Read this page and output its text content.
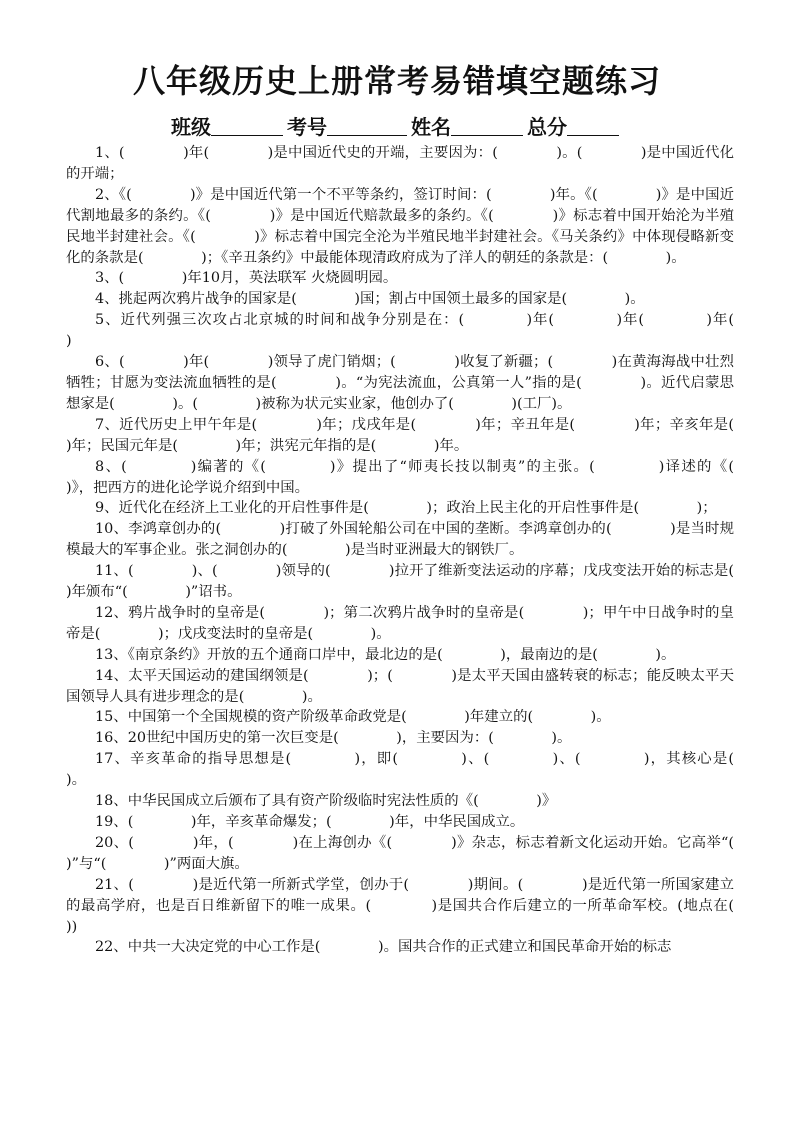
八年级历史上册常考易错填空题练习
班级	考号	姓名	总分

1、(　　　　)年(　　　　)是中国近代史的开端，主要因为：(　　　　)。(　　　　)是中国近代化的开端；

2、《(　　　　)》是中国近代第一个不平等条约，签订时间：(　　　　)年。《(　　　　)》是中国近代割地最多的条约。《(　　　　)》是中国近代赔款最多的条约。《(　　　　)》标志着中国开始沦为半殖民地半封建社会。《(　　　　)》标志着中国完全沦为半殖民地半封建社会。《马关条约》中体现侵略新变化的条款是(　　　　)；《辛丑条约》中最能体现清政府成为了洋人的朝廷的条款是：(　　　　)。

3、(　　　　)年10月，英法联军 火烧圆明园。

4、挑起两次鸦片战争的国家是(　　　　)国；割占中国领土最多的国家是(　　　　)。

5、近代列强三次攻占北京城的时间和战争分别是在：(　　　　)年(　　　　)年(　　　　)年(　　　　)

6、(　　　　)年(　　　　)领导了虎门销烟；(　　　　)收复了新疆；(　　　　)在黄海海战中壮烈牺牲；甘愿为变法流血牺牲的是(　　　　)。“为宪法流血，公真第一人”指的是(　　　　)。近代启蒙思想家是(　　　　)。(　　　　)被称为状元实业家，他创办了(　　　　)(工厂)。

7、近代历史上甲午年是(　　　　)年；戊戌年是(　　　　)年；辛丑年是(　　　　)年；辛亥年是(　　　　)年；民国元年是(　　　　)年；洪宪元年指的是(　　　　)年。

8、(　　　　)编著的《(　　　　)》提出了“师夷长技以制夷”的主张。(　　　　)译述的《(　　　　)》，把西方的进化论学说介绍到中国。

9、近代化在经济上工业化的开启性事件是(　　　　)；政治上民主化的开启性事件是(　　　　)；

10、李鸿章创办的(　　　　)打破了外国轮船公司在中国的垄断。李鸿章创办的(　　　　)是当时规模最大的军事企业。张之洞创办的(　　　　)是当时亚洲最大的钢铁厂。

11、(　　　　)、(　　　　)领导的(　　　　)拉开了维新变法运动的序幕；戊戌变法开始的标志是(　　　　)年颁布“(　　　　)”诏书。

12、鸦片战争时的皇帝是(　　　　)；第二次鸦片战争时的皇帝是(　　　　)；甲午中日战争时的皇帝是(　　　　)；戊戌变法时的皇帝是(　　　　)。

13、《南京条约》开放的五个通商口岸中，最北边的是(　　　　)，最南边的是(　　　　)。

14、太平天国运动的建国纲领是(　　　　)；(　　　　)是太平天国由盛转衰的标志；能反映太平天国领导人具有进步理念的是(　　　　)。

15、中国第一个全国规模的资产阶级革命政党是(　　　　)年建立的(　　　　)。

16、20世纪中国历史的第一次巨变是(　　　　)，主要因为：(　　　　)。

17、辛亥革命的指导思想是(　　　　)，即(　　　　)、(　　　　)、(　　　　)，其核心是(　　　　)。

18、中华民国成立后颁布了具有资产阶级临时宪法性质的《(　　　　)》

19、(　　　　)年，辛亥革命爆发；(　　　　)年，中华民国成立。

20、(　　　　)年，(　　　　)在上海创办《(　　　　)》杂志，标志着新文化运动开始。它高举“(　　　　)”与“(　　　　)”两面大旗。

21、(　　　　)是近代第一所新式学堂，创办于(　　　　)期间。(　　　　)是近代第一所国家建立的最高学府，也是百日维新留下的唯一成果。(　　　　)是国共合作后建立的一所革命军校。(地点在(　　　　))

22、中共一大决定党的中心工作是(　　　　)。国共合作的正式建立和国民革命开始的标志
